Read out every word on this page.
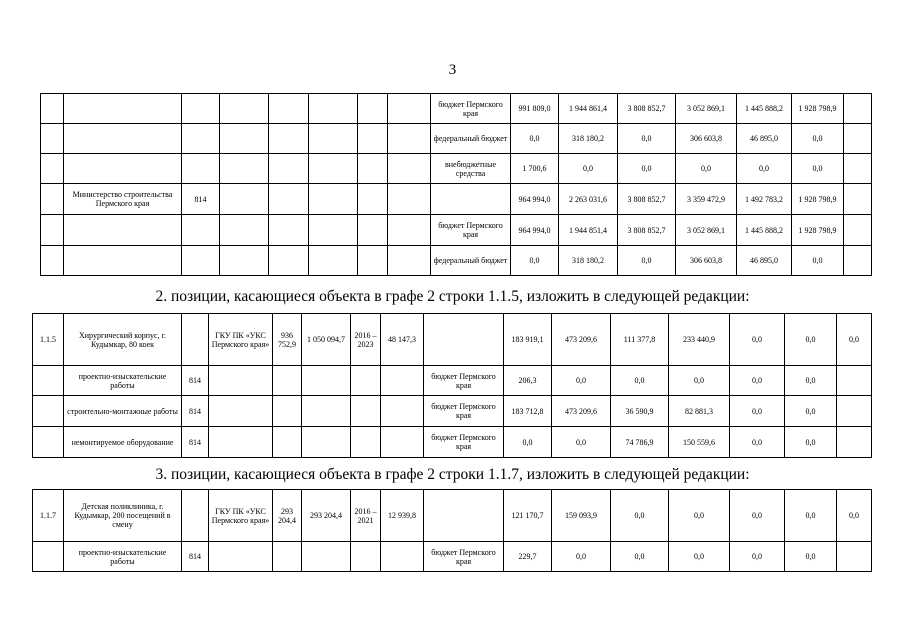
3
								бюджет Пермского края	991 809,0	1 944 861,4	3 808 852,7	3 052 869,1	1 445 888,2	1 928 798,9	
								федеральный бюджет	0,0	318 180,2	0,0	306 603,8	46 895,0	0,0	
								внебюджетные средства	1 700,6	0,0	0,0	0,0	0,0	0,0	
	Министерство строительства Пермского края	814							964 994,0	2 263 031,6	3 808 852,7	3 359 472,9	1 492 783,2	1 928 798,9	
								бюджет Пермского края	964 994,0	1 944 851,4	3 808 852,7	3 052 869,1	1 445 888,2	1 928 798,9	
								федеральный бюджет	0,0	318 180,2	0,0	306 603,8	46 895,0	0,0	
2. позиции, касающиеся объекта в графе 2 строки 1.1.5, изложить в следующей редакции:
1.1.5	Хирургический корпус, г. Кудымкар, 80 коек		ГКУ ПК «УКС Пермского края»	936 752,9	1 050 094,7	2016 – 2023	48 147,3		183 919,1	473 209,6	111 377,8	233 440,9	0,0	0,0	0,0
	проектно-изыскательские работы	814						бюджет Пермского края	206,3	0,0	0,0	0,0	0,0	0,0	
	строительно-монтажные работы	814						бюджет Пермского края	183 712,8	473 209,6	36 590,9	82 881,3	0,0	0,0	
	немонтируемое оборудование	814						бюджет Пермского края	0,0	0,0	74 786,9	150 559,6	0,0	0,0	
3. позиции, касающиеся объекта в графе 2 строки 1.1.7, изложить в следующей редакции:
1.1.7	Детская поликлиника, г. Кудымкар, 200 посещений в смену		ГКУ ПК «УКС Пермского края»	293 204,4	293 204,4	2016 – 2021	12 939,8		121 170,7	159 093,9	0,0	0,0	0,0	0,0	0,0
	проектно-изыскательские работы	814						бюджет Пермского края	229,7	0,0	0,0	0,0	0,0	0,0	
